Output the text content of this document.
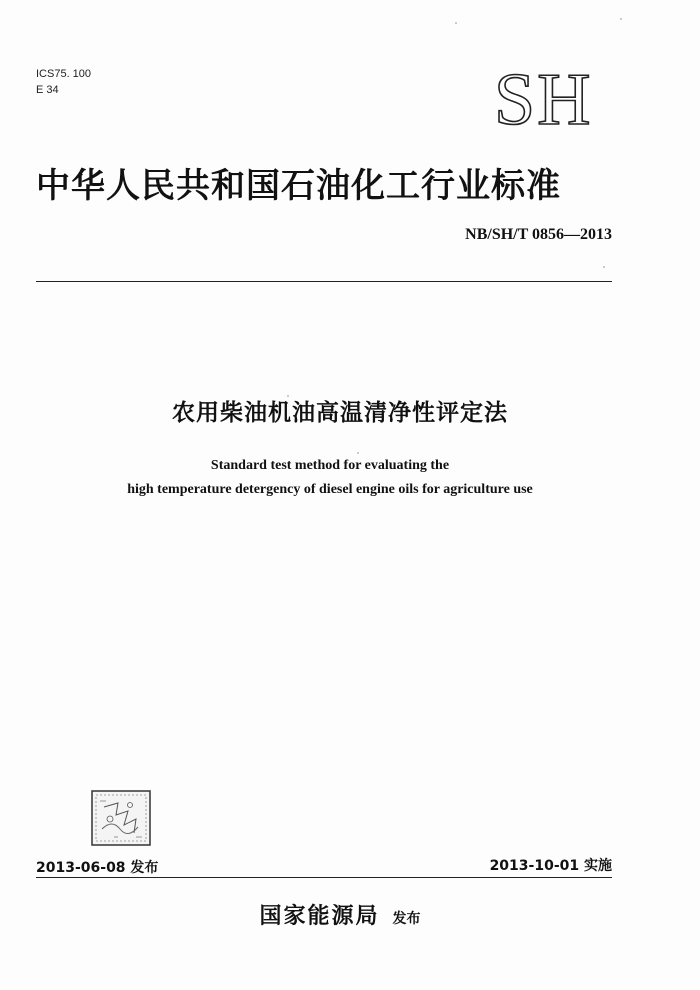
ICS75. 100
E 34	SH
中华人民共和国石油化工行业标准
NB/SH/T 0856—2013
农用柴油机油高温清净性评定法
Standard test method for evaluating the
high temperature detergency of diesel engine oils for agriculture use
2013-06-08 发布	2013-10-01 实施
国家能源局 发布
